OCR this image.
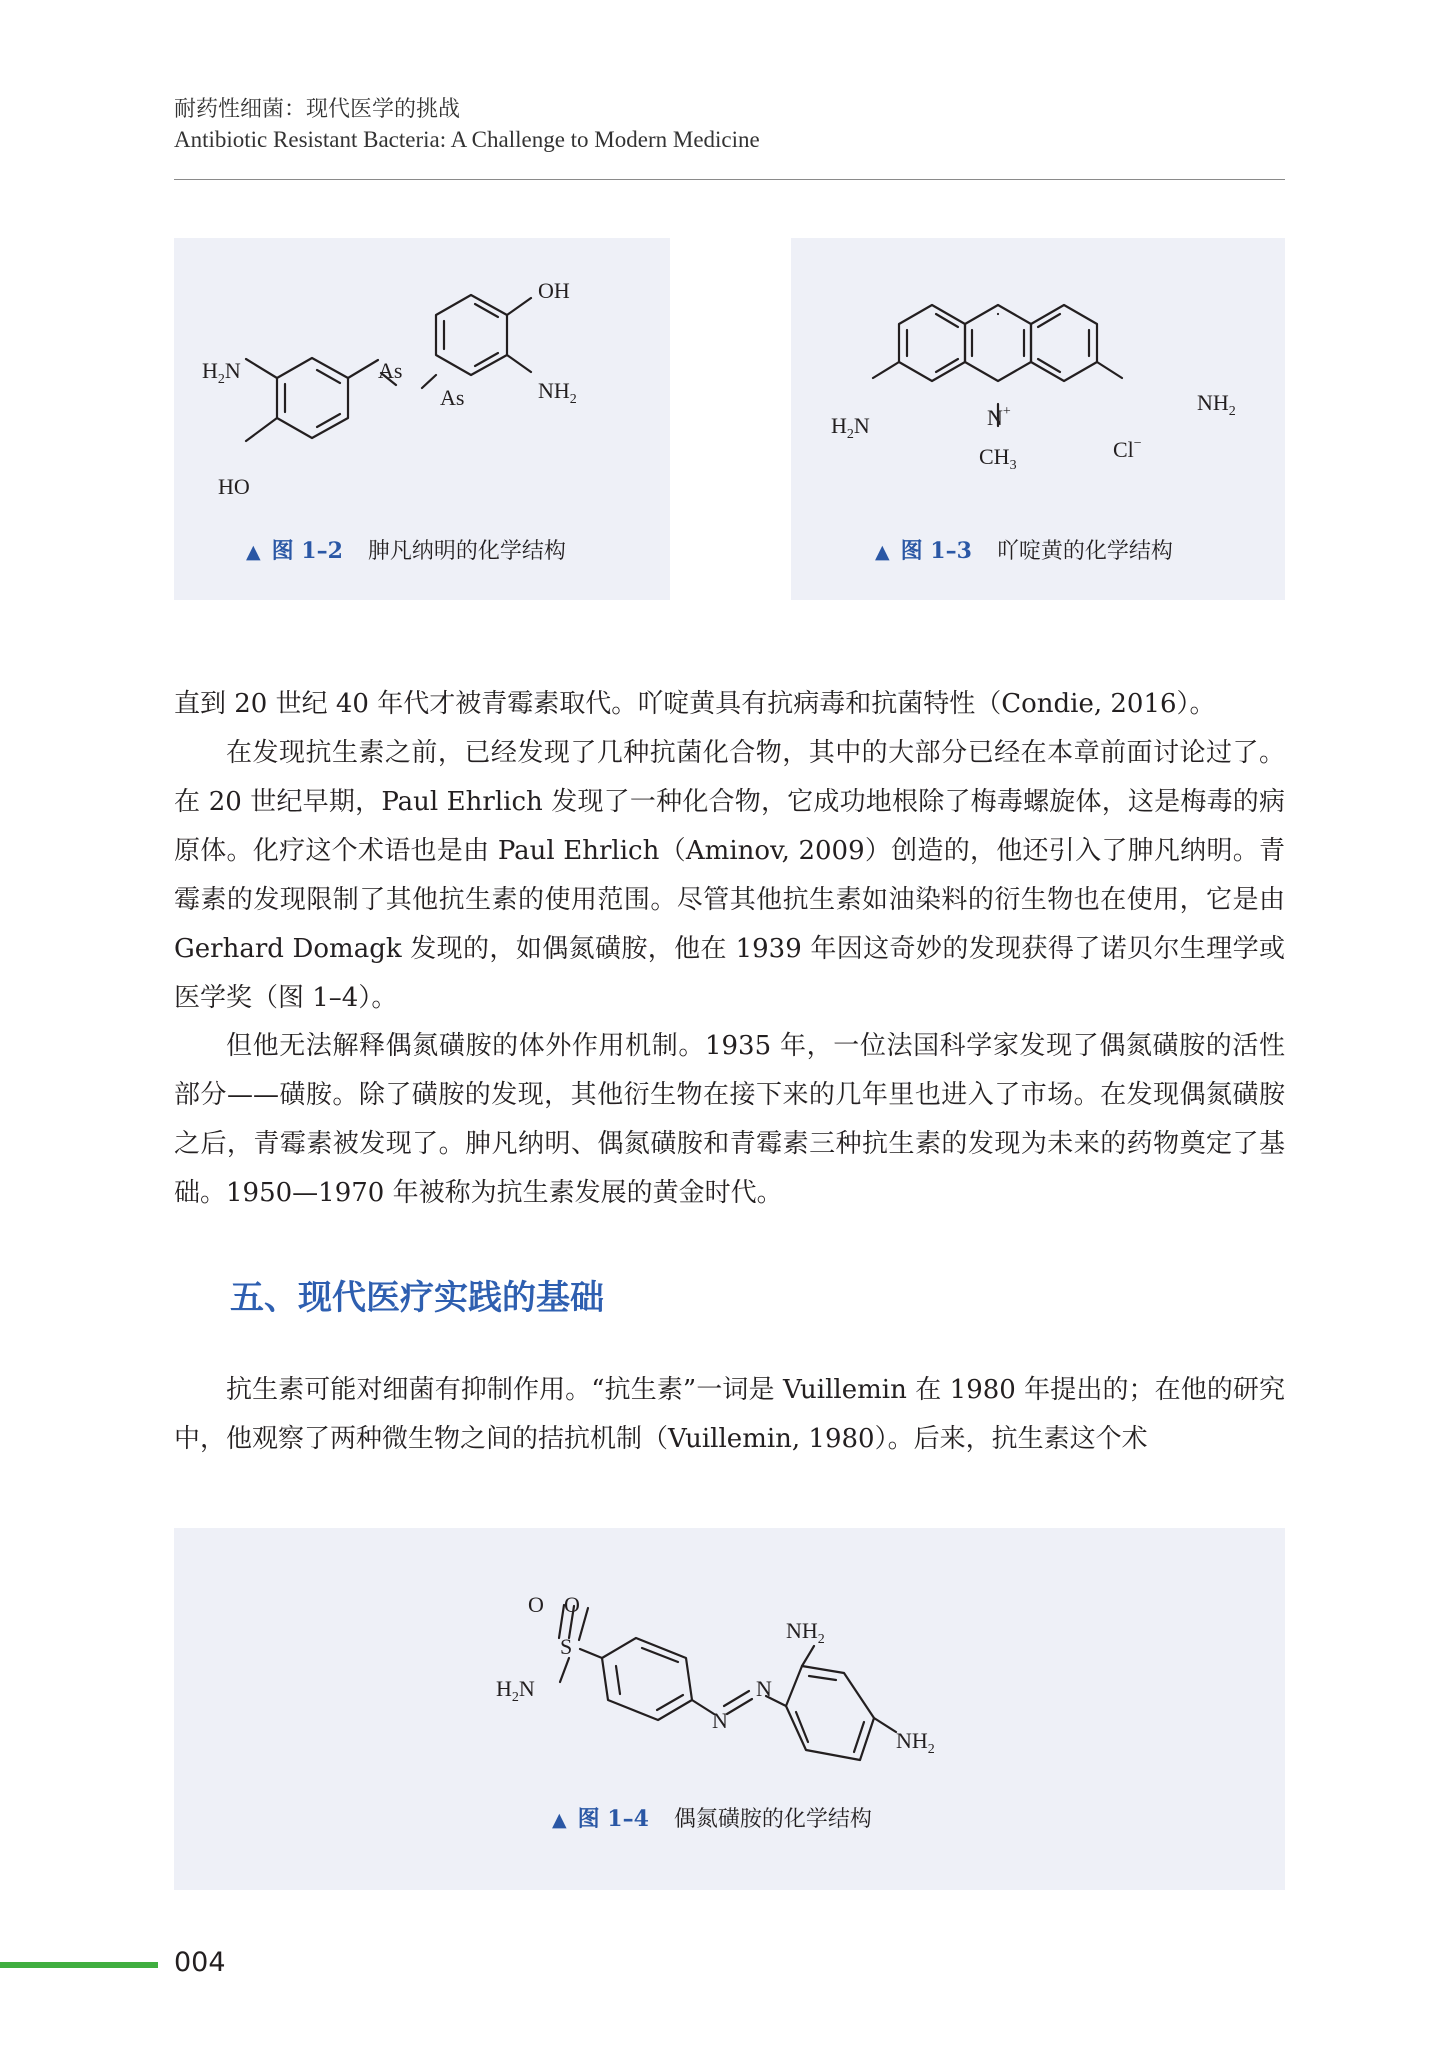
耐药性细菌：现代医学的挑战
Antibiotic Resistant Bacteria: A Challenge to Modern Medicine
$H_2N$
HO
As
As
OH
$NH_2$
▲ 图 1–2 胂凡纳明的化学结构
$H_2N$	N+
$CH_3$
Cl−
$NH_2$
▲ 图 1–3 吖啶黄的化学结构

直到 20 世纪 40 年代才被青霉素取代。吖啶黄具有抗病毒和抗菌特性（Condie, 2016）。

在发现抗生素之前，已经发现了几种抗菌化合物，其中的大部分已经在本章前面讨论过了。在 20 世纪早期，Paul Ehrlich 发现了一种化合物，它成功地根除了梅毒螺旋体，这是梅毒的病原体。化疗这个术语也是由 Paul Ehrlich（Aminov, 2009）创造的，他还引入了胂凡纳明。青霉素的发现限制了其他抗生素的使用范围。尽管其他抗生素如油染料的衍生物也在使用，它是由 Gerhard Domagk 发现的，如偶氮磺胺，他在 1939 年因这奇妙的发现获得了诺贝尔生理学或医学奖（图 1–4）。

但他无法解释偶氮磺胺的体外作用机制。1935 年，一位法国科学家发现了偶氮磺胺的活性部分——磺胺。除了磺胺的发现，其他衍生物在接下来的几年里也进入了市场。在发现偶氮磺胺之后，青霉素被发现了。胂凡纳明、偶氮磺胺和青霉素三种抗生素的发现为未来的药物奠定了基础。1950—1970 年被称为抗生素发展的黄金时代。

五、现代医疗实践的基础

抗生素可能对细菌有抑制作用。“抗生素”一词是 Vuillemin 在 1980 年提出的；在他的研究中，他观察了两种微生物之间的拮抗机制（Vuillemin, 1980）。后来，抗生素这个术

O O
S
$H_2N$
N
N
$NH_2$
$NH_2$
▲ 图 1–4 偶氮磺胺的化学结构
004
